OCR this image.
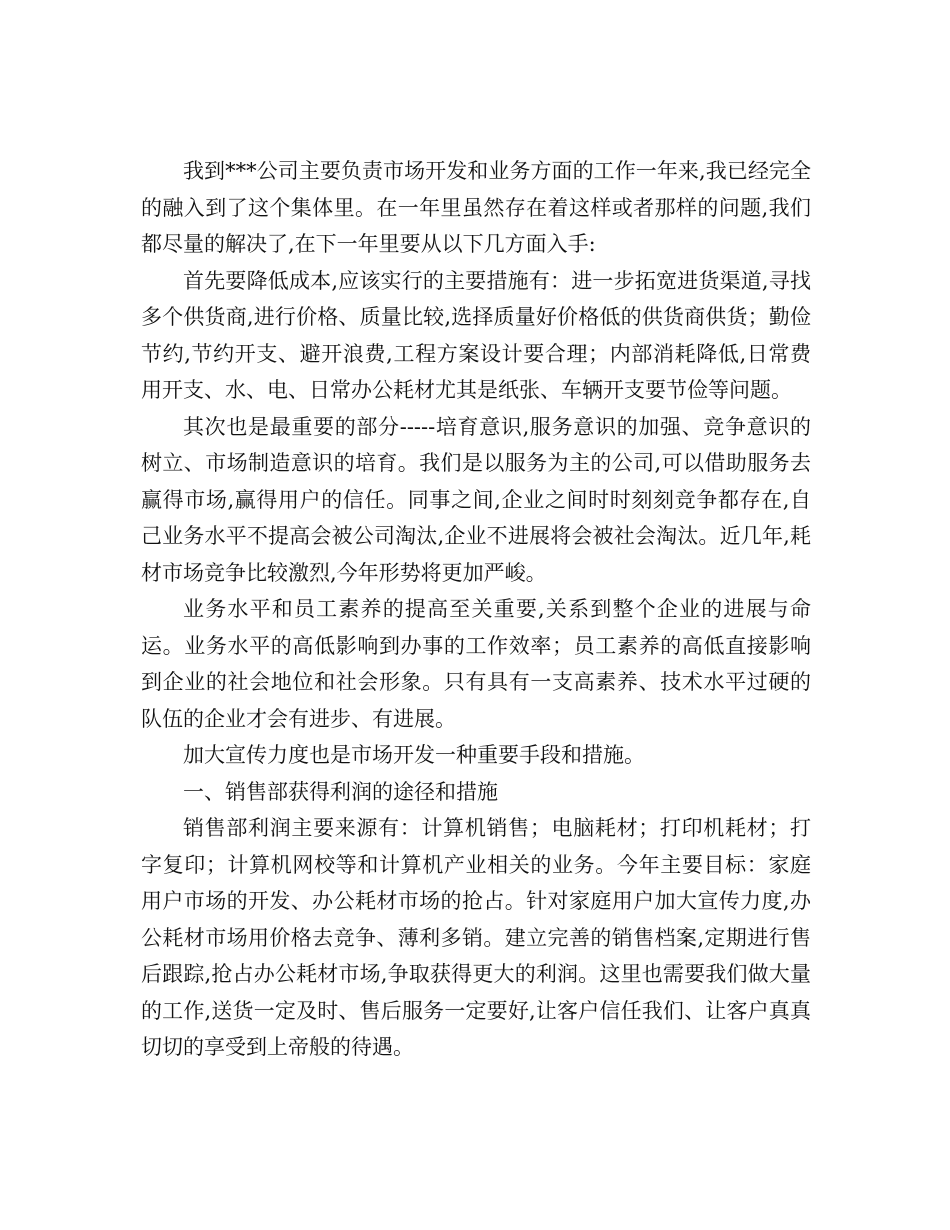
我到***公司主要负责市场开发和业务方面的工作一年来,我已经完全的融入到了这个集体里。在一年里虽然存在着这样或者那样的问题,我们都尽量的解决了,在下一年里要从以下几方面入手:

首先要降低成本,应该实行的主要措施有：进一步拓宽进货渠道,寻找多个供货商,进行价格、质量比较,选择质量好价格低的供货商供货；勤俭节约,节约开支、避开浪费,工程方案设计要合理；内部消耗降低,日常费用开支、水、电、日常办公耗材尤其是纸张、车辆开支要节俭等问题。

其次也是最重要的部分-----培育意识,服务意识的加强、竞争意识的树立、市场制造意识的培育。我们是以服务为主的公司,可以借助服务去赢得市场,赢得用户的信任。同事之间,企业之间时时刻刻竞争都存在,自己业务水平不提高会被公司淘汰,企业不进展将会被社会淘汰。近几年,耗材市场竞争比较激烈,今年形势将更加严峻。

业务水平和员工素养的提高至关重要,关系到整个企业的进展与命运。业务水平的高低影响到办事的工作效率；员工素养的高低直接影响到企业的社会地位和社会形象。只有具有一支高素养、技术水平过硬的队伍的企业才会有进步、有进展。

加大宣传力度也是市场开发一种重要手段和措施。

一、销售部获得利润的途径和措施

销售部利润主要来源有：计算机销售；电脑耗材；打印机耗材；打字复印；计算机网校等和计算机产业相关的业务。今年主要目标：家庭用户市场的开发、办公耗材市场的抢占。针对家庭用户加大宣传力度,办公耗材市场用价格去竞争、薄利多销。建立完善的销售档案,定期进行售后跟踪,抢占办公耗材市场,争取获得更大的利润。这里也需要我们做大量的工作,送货一定及时、售后服务一定要好,让客户信任我们、让客户真真切切的享受到上帝般的待遇。
